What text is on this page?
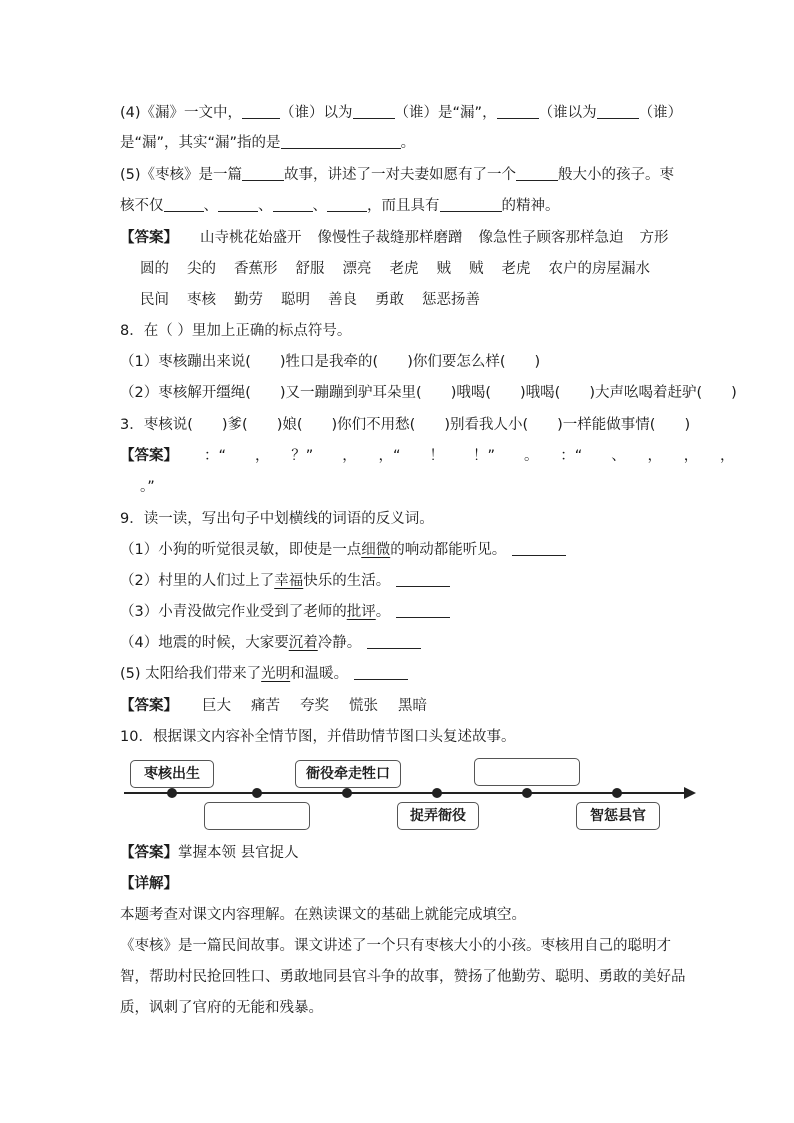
(4)《漏》一文中，	（谁）以为	（谁）是“漏”，	（谁以为	（谁）
是“漏”，其实“漏”指的是	。
(5)《枣核》是一篇	故事，讲述了一对夫妻如愿有了一个	般大小的孩子。枣
核不仅	、	、	、	，而且具有	的精神。
【答案】 山寺桃花始盛开 像慢性子裁缝那样磨蹭 像急性子顾客那样急迫 方形
圆的 尖的 香蕉形 舒服 漂亮 老虎 贼 贼 老虎 农户的房屋漏水
民间 枣核 勤劳 聪明 善良 勇敢 惩恶扬善
8．在（ ）里加上正确的标点符号。
（1）枣核蹦出来说(　　)牲口是我牵的(　　)你们要怎么样(　　)
（2）枣核解开缰绳(　　)又一蹦蹦到驴耳朵里(　　)哦喝(　　)哦喝(　　)大声吆喝着赶驴(　　)
3．枣核说(　　)爹(　　)娘(　　)你们不用愁(　　)别看我人小(　　)一样能做事情(　　)
【答案】 ：“　　，　　？”　　，　　，“　　！　　！”　　。　　：“　　、　　，　　，　　，
。”
9．读一读，写出句子中划横线的词语的反义词。
（1）小狗的听觉很灵敏，即使是一点细微的响动都能听见。
（2）村里的人们过上了幸福快乐的生活。
（3）小青没做完作业受到了老师的批评。
（4）地震的时候，大家要沉着冷静。
(5) 太阳给我们带来了光明和温暖。
【答案】 巨大 痛苦 夸奖 慌张 黑暗
10．根据课文内容补全情节图，并借助情节图口头复述故事。
枣核出生	衙役牵走牲口
捉弄衙役	智惩县官
【答案】掌握本领 县官捉人
【详解】
本题考查对课文内容理解。在熟读课文的基础上就能完成填空。
《枣核》是一篇民间故事。课文讲述了一个只有枣核大小的小孩。枣核用自己的聪明才
智，帮助村民抢回牲口、勇敢地同县官斗争的故事，赞扬了他勤劳、聪明、勇敢的美好品
质，讽刺了官府的无能和残暴。
